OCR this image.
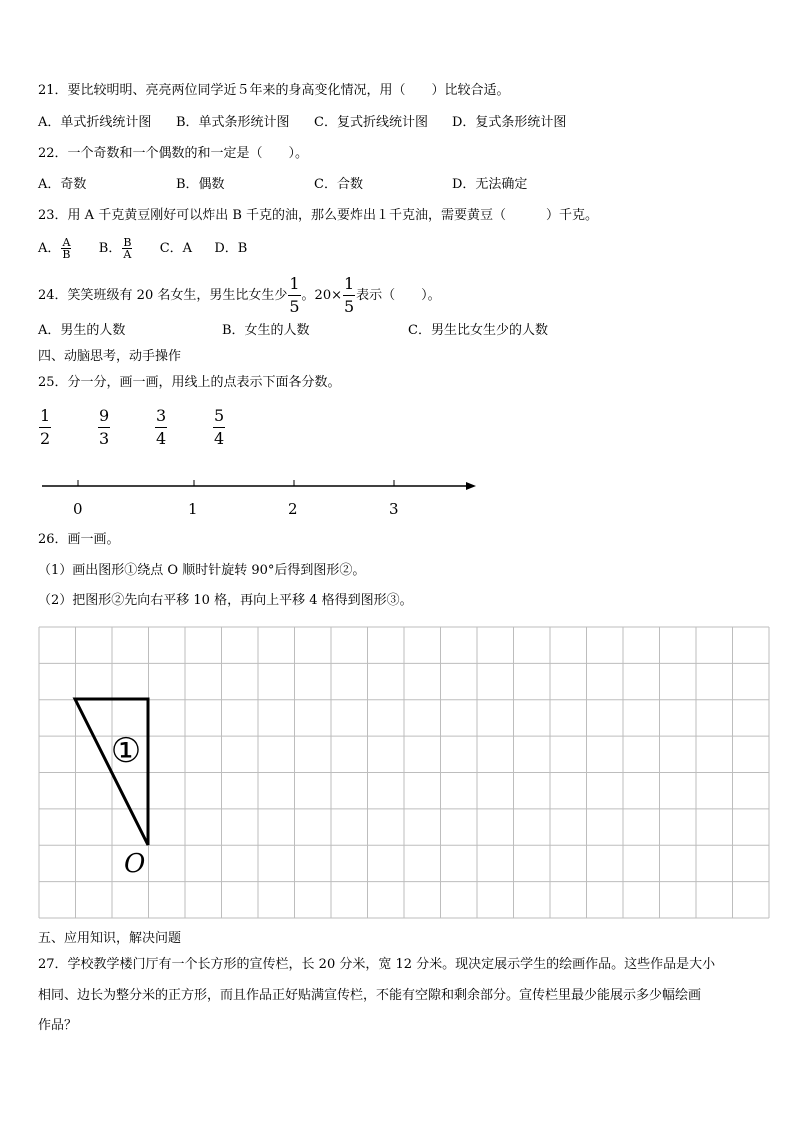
21．要比较明明、亮亮两位同学近５年来的身高变化情况，用（　　）比较合适。
A．单式折线统计图 B．单式条形统计图 C．复式折线统计图 D．复式条形统计图
22．一个奇数和一个偶数的和一定是（　　）。
A．奇数	B．偶数	C．合数	D．无法确定
23．用 A 千克黄豆刚好可以炸出 B 千克的油，那么要炸出１千克油，需要黄豆（	）千克。
A． $\frac{A}{B}$ B． $\frac{B}{A}$ C．A D．B
24．笑笑班级有 20 名女生，男生比女生少 $\frac{1}{5}$ 。$20\times \frac{1}{5}$ 表示（　　）。
A．男生的人数	B．女生的人数	C．男生比女生少的人数
四、动脑思考，动手操作
25．分一分，画一画，用线上的点表示下面各分数。
$\frac{1}{2}$	$\frac{9}{3}$	$\frac{3}{4}$	$\frac{5}{4}$
0	1	2	3
26．画一画。
（1）画出图形①绕点 O 顺时针旋转 90°后得到图形②。
（2）把图形②先向右平移 10 格，再向上平移 4 格得到图形③。
①
O
五、应用知识，解决问题
27．学校教学楼门厅有一个长方形的宣传栏，长 20 分米，宽 12 分米。现决定展示学生的绘画作品。这些作品是大小
相同、边长为整分米的正方形，而且作品正好贴满宣传栏，不能有空隙和剩余部分。宣传栏里最少能展示多少幅绘画
作品？
